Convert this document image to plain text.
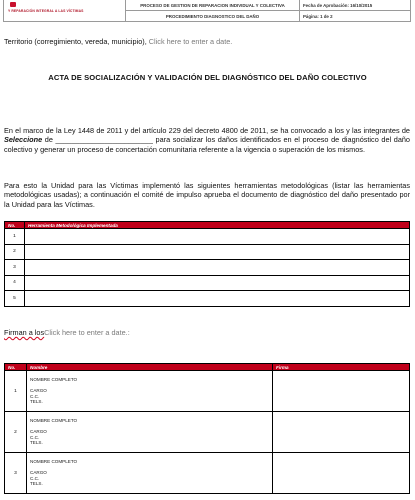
Y REPARACIÓN INTEGRAL A LAS VÍCTIMAS
PROCESO DE GESTION DE REPARACION INDIVIDUAL Y COLECTIVA
PROCEDIMIENTO DIAGNOSTICO DEL DAÑO
Fecha de Aprobación: 16/10/2015
Página: 1 de 2
Territorio (corregimiento, vereda, municipio), Click here to enter a date.
ACTA DE SOCIALIZACIÓN Y VALIDACIÓN DEL DIAGNÓSTICO DEL DAÑO COLECTIVO
En el marco de la Ley 1448 de 2011 y del artículo 229 del decreto 4800 de 2011, se ha convocado a los y las integrantes de Seleccione de ________________________ para socializar los daños identificados en el proceso de diagnóstico del daño colectivo y generar un proceso de concertación comunitaria referente a la vigencia o superación de los mismos.
Para esto la Unidad para las Víctimas implementó las siguientes herramientas metodológicas (listar las herramientas metodológicas usadas); a continuación el comité de impulso aprueba el documento de diagnóstico del daño presentado por la Unidad para las Víctimas.
No.	Herramienta Metodológica Implementada
1	
2	
3	
4	
5	
Firman a losClick here to enter a date.:
No.	Nombre	Firma
1	NOMBRE COMPLETO
CARGO
C.C.
TELS.	

2	NOMBRE COMPLETO
CARGO
C.C.
TELS.	

3	NOMBRE COMPLETO
CARGO
C.C.
TELS.	
